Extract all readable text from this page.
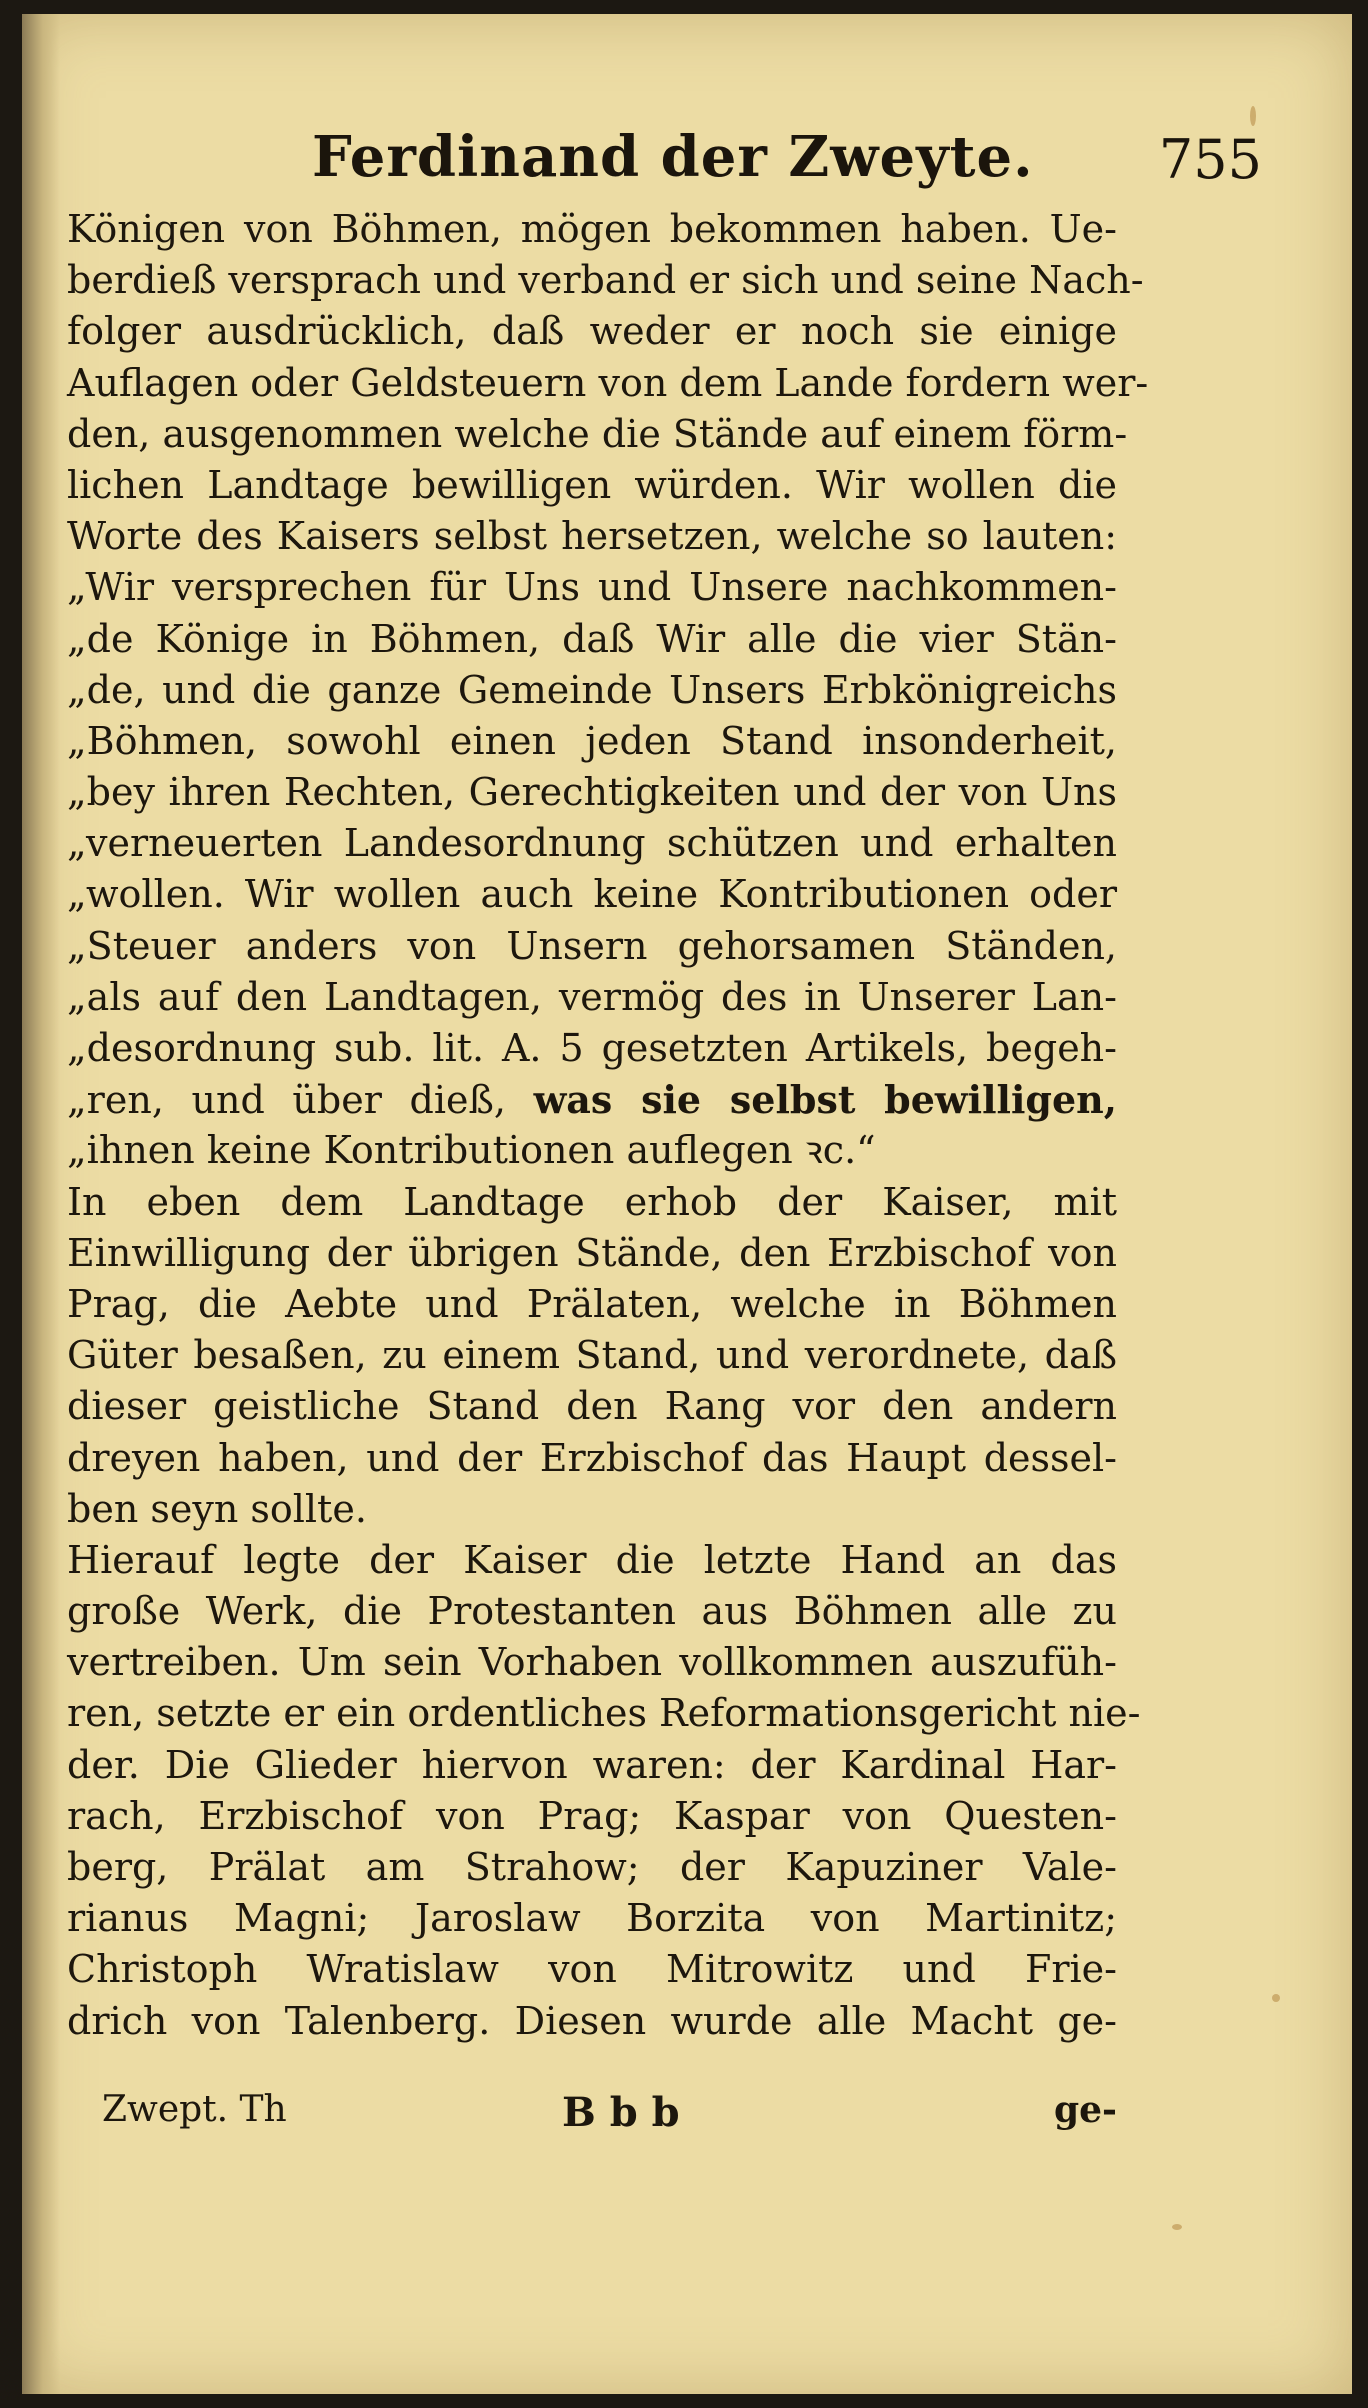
Ferdinand der Zweyte. 755
Königen von Böhmen, mögen bekommen haben. Ue-
berdieß versprach und verband er sich und seine Nach-
folger ausdrücklich, daß weder er noch sie einige
Auflagen oder Geldsteuern von dem Lande fordern wer-
den, ausgenommen welche die Stände auf einem förm-
lichen Landtage bewilligen würden. Wir wollen die
Worte des Kaisers selbst hersetzen, welche so lauten:
„Wir versprechen für Uns und Unsere nachkommen-
„de Könige in Böhmen, daß Wir alle die vier Stän-
„de, und die ganze Gemeinde Unsers Erbkönigreichs
„Böhmen, sowohl einen jeden Stand insonderheit,
„bey ihren Rechten, Gerechtigkeiten und der von Uns
„verneuerten Landesordnung schützen und erhalten
„wollen. Wir wollen auch keine Kontributionen oder
„Steuer anders von Unsern gehorsamen Ständen,
„als auf den Landtagen, vermög des in Unserer Lan-
„desordnung sub. lit. A. 5 gesetzten Artikels, begeh-
„ren, und über dieß, was sie selbst bewilligen,
„ihnen keine Kontributionen auflegen ꝛc.“
In eben dem Landtage erhob der Kaiser, mit
Einwilligung der übrigen Stände, den Erzbischof von
Prag, die Aebte und Prälaten, welche in Böhmen
Güter besaßen, zu einem Stand, und verordnete, daß
dieser geistliche Stand den Rang vor den andern
dreyen haben, und der Erzbischof das Haupt dessel-
ben seyn sollte.
Hierauf legte der Kaiser die letzte Hand an das
große Werk, die Protestanten aus Böhmen alle zu
vertreiben. Um sein Vorhaben vollkommen auszufüh-
ren, setzte er ein ordentliches Reformationsgericht nie-
der. Die Glieder hiervon waren: der Kardinal Har-
rach, Erzbischof von Prag; Kaspar von Questen-
berg, Prälat am Strahow; der Kapuziner Vale-
rianus Magni; Jaroslaw Borzita von Martinitz;
Christoph Wratislaw von Mitrowitz und Frie-
drich von Talenberg. Diesen wurde alle Macht ge-
Zwept. Th	B b b	ge-
